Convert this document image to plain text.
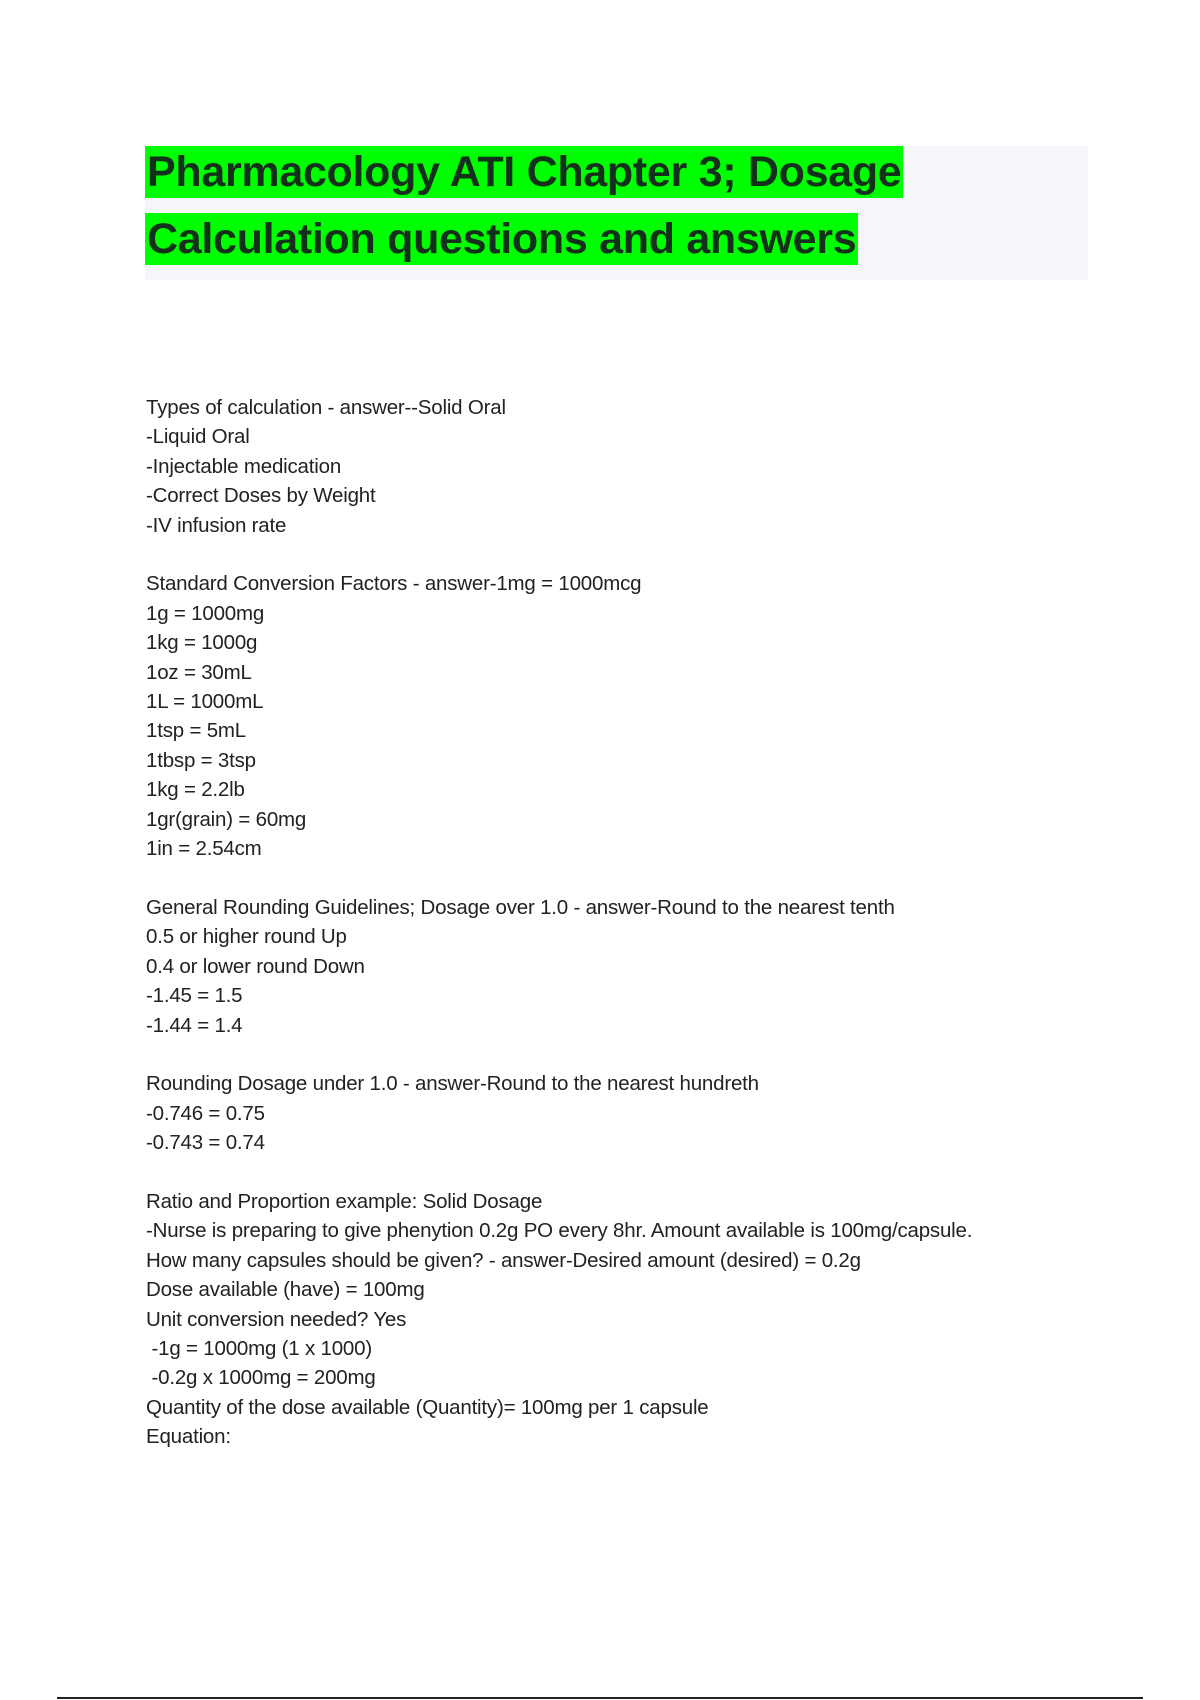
Pharmacology ATI Chapter 3; Dosage
Calculation questions and answers
Types of calculation - answer--Solid Oral
-Liquid Oral
-Injectable medication
-Correct Doses by Weight
-IV infusion rate
Standard Conversion Factors - answer-1mg = 1000mcg
1g = 1000mg
1kg = 1000g
1oz = 30mL
1L = 1000mL
1tsp = 5mL
1tbsp = 3tsp
1kg = 2.2lb
1gr(grain) = 60mg
1in = 2.54cm
General Rounding Guidelines; Dosage over 1.0 - answer-Round to the nearest tenth
0.5 or higher round Up
0.4 or lower round Down
-1.45 = 1.5
-1.44 = 1.4
Rounding Dosage under 1.0 - answer-Round to the nearest hundreth
-0.746 = 0.75
-0.743 = 0.74
Ratio and Proportion example: Solid Dosage
-Nurse is preparing to give phenytion 0.2g PO every 8hr. Amount available is 100mg/capsule.
How many capsules should be given? - answer-Desired amount (desired) = 0.2g
Dose available (have) = 100mg
Unit conversion needed? Yes
-1g = 1000mg (1 x 1000)
-0.2g x 1000mg = 200mg
Quantity of the dose available (Quantity)= 100mg per 1 capsule
Equation:
